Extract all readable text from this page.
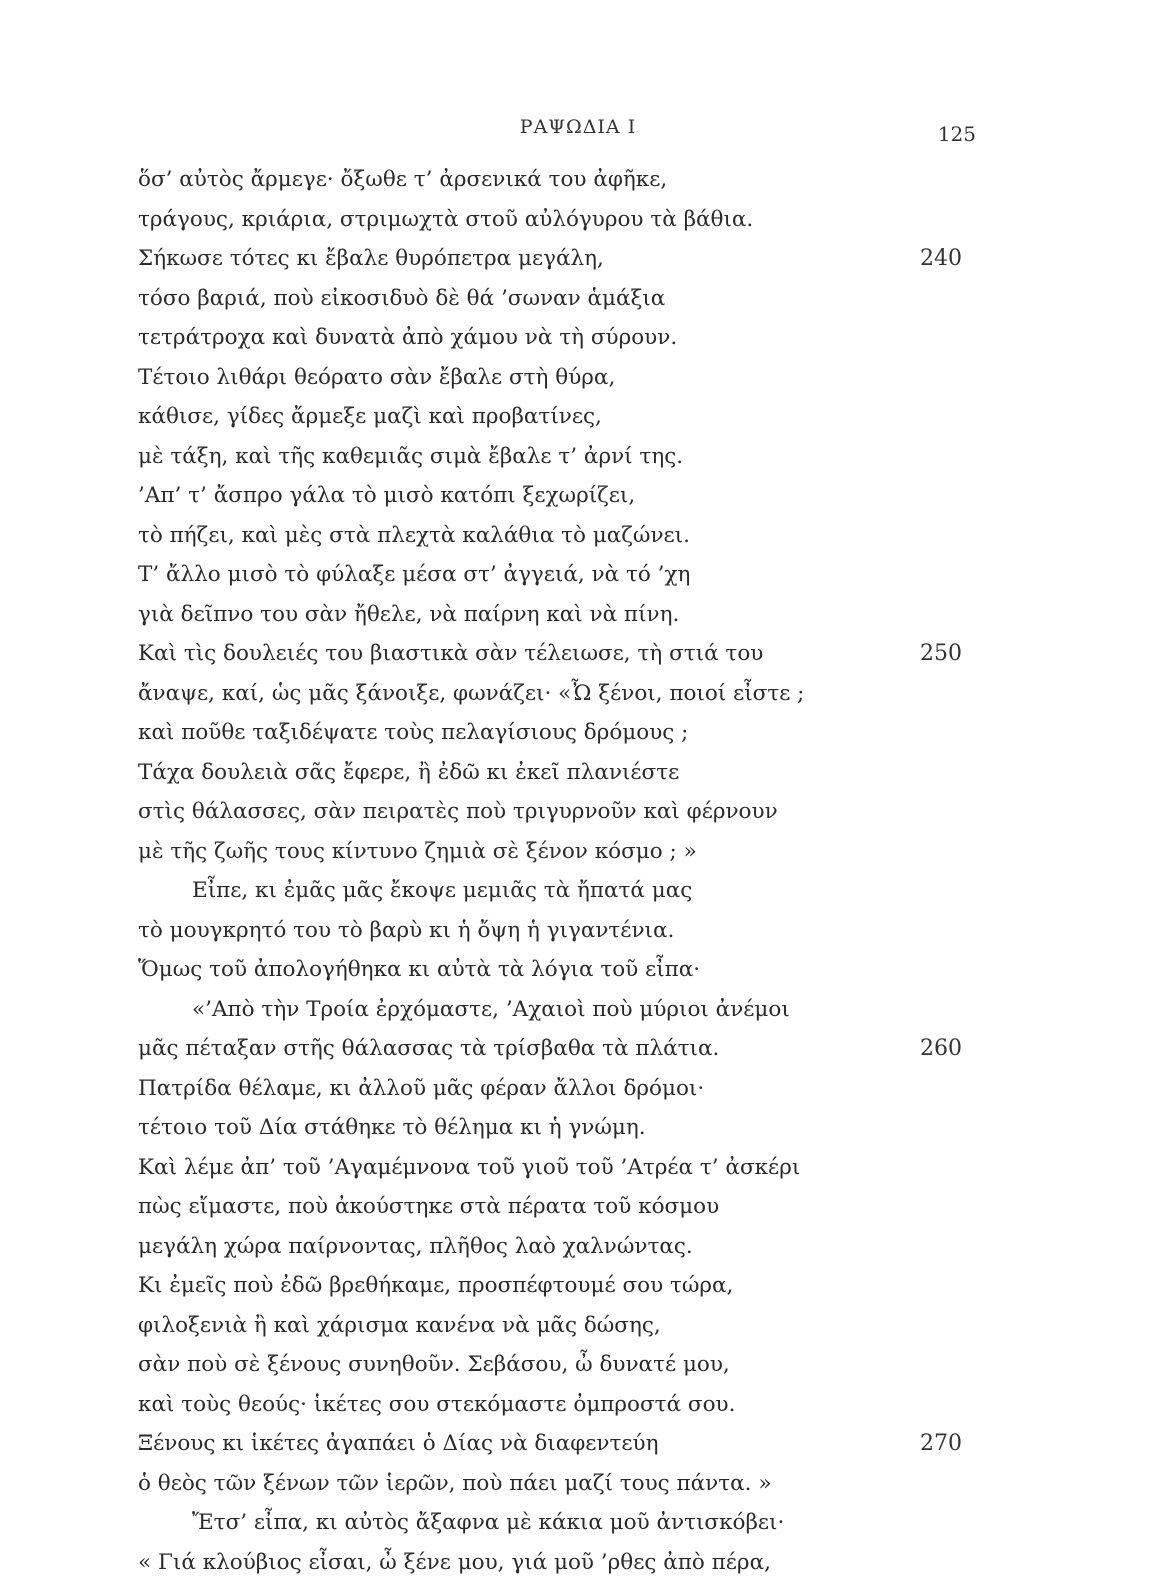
ΡΑΨΩΔΙΑ Ι	125
ὅσ’ αὐτὸς ἄρμεγε· ὄξωθε τ’ ἀρσενικά του ἀφῆκε,
τράγους, κριάρια, στριμωχτὰ στοῦ αὐλόγυρου τὰ βάθια.
Σήκωσε τότες κι ἔβαλε θυρόπετρα μεγάλη,	240
τόσο βαριά, ποὺ εἰκοσιδυὸ δὲ θά ’σωναν ἁμάξια
τετράτροχα καὶ δυνατὰ ἀπὸ χάμου νὰ τὴ σύρουν.
Τέτοιο λιθάρι θεόρατο σὰν ἔβαλε στὴ θύρα,
κάθισε, γίδες ἄρμεξε μαζὶ καὶ προβατίνες,
μὲ τάξη, καὶ τῆς καθεμιᾶς σιμὰ ἔβαλε τ’ ἀρνί της.
’Απ’ τ’ ἄσπρο γάλα τὸ μισὸ κατόπι ξεχωρίζει,
τὸ πήζει, καὶ μὲς στὰ πλεχτὰ καλάθια τὸ μαζώνει.
Τ’ ἄλλο μισὸ τὸ φύλαξε μέσα στ’ ἀγγειά, νὰ τό ’χη
γιὰ δεῖπνο του σὰν ἤθελε, νὰ παίρνη καὶ νὰ πίνη.
Καὶ τὶς δουλειές του βιαστικὰ σὰν τέλειωσε, τὴ στιά του	250
ἄναψε, καί, ὡς μᾶς ξάνοιξε, φωνάζει· «Ὦ ξένοι, ποιοί εἶστε ;
καὶ ποῦθε ταξιδέψατε τοὺς πελαγίσιους δρόμους ;
Τάχα δουλειὰ σᾶς ἔφερε, ἢ ἐδῶ κι ἐκεῖ πλανιέστε
στὶς θάλασσες, σὰν πειρατὲς ποὺ τριγυρνοῦν καὶ φέρνουν
μὲ τῆς ζωῆς τους κίντυνο ζημιὰ σὲ ξένον κόσμο ; »
Εἶπε, κι ἐμᾶς μᾶς ἔκοψε μεμιᾶς τὰ ἤπατά μας
τὸ μουγκρητό του τὸ βαρὺ κι ἡ ὄψη ἡ γιγαντένια.
Ὅμως τοῦ ἀπολογήθηκα κι αὐτὰ τὰ λόγια τοῦ εἶπα·
«’Απὸ τὴν Τροία ἐρχόμαστε, ’Αχαιοὶ ποὺ μύριοι ἀνέμοι
μᾶς πέταξαν στῆς θάλασσας τὰ τρίσβαθα τὰ πλάτια.	260
Πατρίδα θέλαμε, κι ἀλλοῦ μᾶς φέραν ἄλλοι δρόμοι·
τέτοιο τοῦ Δία στάθηκε τὸ θέλημα κι ἡ γνώμη.
Καὶ λέμε ἀπ’ τοῦ ’Αγαμέμνονα τοῦ γιοῦ τοῦ ’Ατρέα τ’ ἀσκέρι
πὼς εἴμαστε, ποὺ ἀκούστηκε στὰ πέρατα τοῦ κόσμου
μεγάλη χώρα παίρνοντας, πλῆθος λαὸ χαλνώντας.
Κι ἐμεῖς ποὺ ἐδῶ βρεθήκαμε, προσπέφτουμέ σου τώρα,
φιλοξενιὰ ἢ καὶ χάρισμα κανένα νὰ μᾶς δώσης,
σὰν ποὺ σὲ ξένους συνηθοῦν. Σεβάσου, ὦ δυνατέ μου,
καὶ τοὺς θεούς· ἱκέτες σου στεκόμαστε ὀμπροστά σου.
Ξένους κι ἱκέτες ἀγαπάει ὁ Δίας νὰ διαφεντεύη	270
ὁ θεὸς τῶν ξένων τῶν ἱερῶν, ποὺ πάει μαζί τους πάντα. »
Ἔτσ’ εἶπα, κι αὐτὸς ἄξαφνα μὲ κάκια μοῦ ἀντισκόβει·
« Γιά κλούβιος εἶσαι, ὦ ξένε μου, γιά μοῦ ’ρθες ἀπὸ πέρα,
